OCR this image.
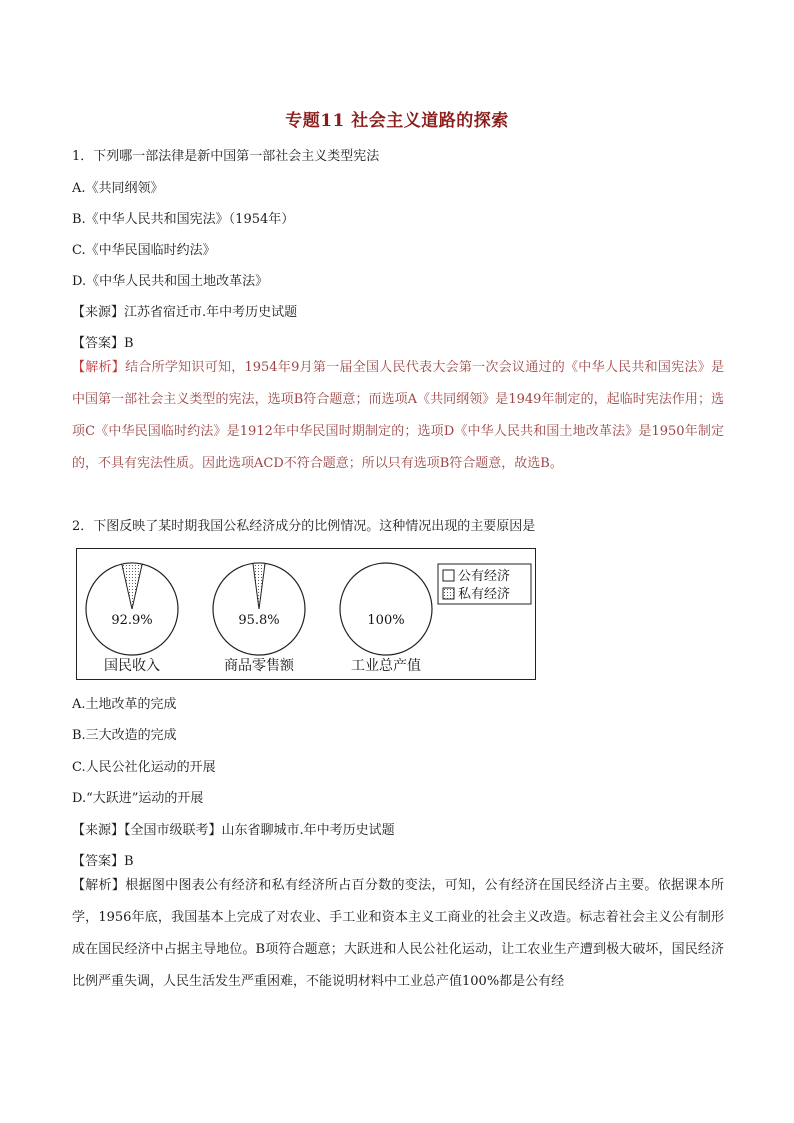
专题11 社会主义道路的探索
1．下列哪一部法律是新中国第一部社会主义类型宪法
A.《共同纲领》
B.《中华人民共和国宪法》（1954年）
C.《中华民国临时约法》
D.《中华人民共和国土地改革法》
【来源】江苏省宿迁市.年中考历史试题
【答案】B
【解析】结合所学知识可知，1954年9月第一届全国人民代表大会第一次会议通过的《中华人民共和国宪法》是中国第一部社会主义类型的宪法，选项B符合题意；而选项A《共同纲领》是1949年制定的，起临时宪法作用；选项C《中华民国临时约法》是1912年中华民国时期制定的；选项D《中华人民共和国土地改革法》是1950年制定的，不具有宪法性质。因此选项ACD不符合题意；所以只有选项B符合题意，故选B。
2．下图反映了某时期我国公私经济成分的比例情况。这种情况出现的主要原因是
92.9%
国民收入
95.8%
商品零售额
100%
工业总产值
公有经济
私有经济
A.土地改革的完成
B.三大改造的完成
C.人民公社化运动的开展
D.“大跃进”运动的开展
【来源】【全国市级联考】山东省聊城市.年中考历史试题
【答案】B
【解析】根据图中图表公有经济和私有经济所占百分数的变法，可知，公有经济在国民经济占主要。依据课本所学，1956年底，我国基本上完成了对农业、手工业和资本主义工商业的社会主义改造。标志着社会主义公有制形成在国民经济中占据主导地位。B项符合题意；大跃进和人民公社化运动，让工农业生产遭到极大破坏，国民经济比例严重失调，人民生活发生严重困难，不能说明材料中工业总产值100%都是公有经
